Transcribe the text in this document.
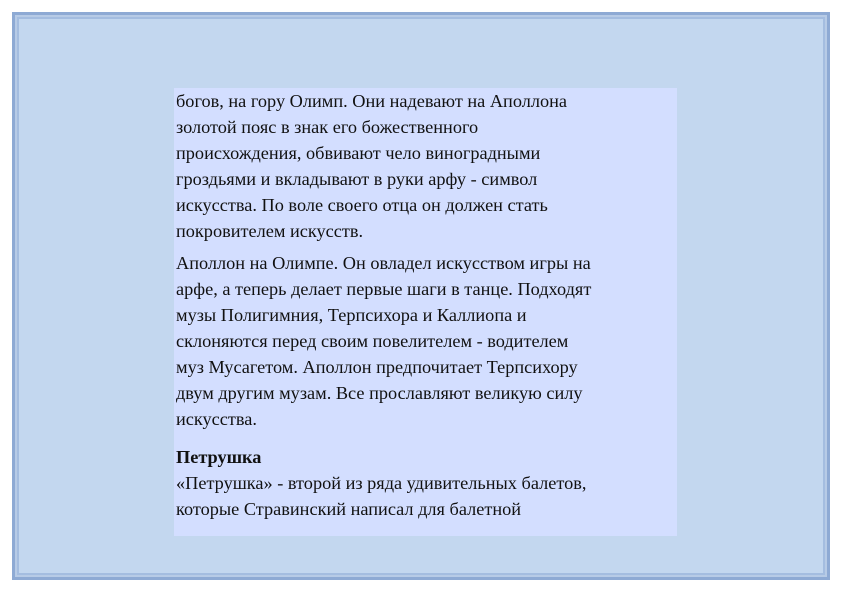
богов, на гору Олимп. Они надевают на Аполлона
золотой пояс в знак его божественного
происхождения, обвивают чело виноградными
гроздьями и вкладывают в руки арфу - символ
искусства. По воле своего отца он должен стать
покровителем искусств.

Аполлон на Олимпе. Он овладел искусством игры на
арфе, а теперь делает первые шаги в танце. Подходят
музы Полигимния, Терпсихора и Каллиопа и
склоняются перед своим повелителем - водителем
муз Мусагетом. Аполлон предпочитает Терпсихору
двум другим музам. Все прославляют великую силу
искусства.

Петрушка

«Петрушка» - второй из ряда удивительных балетов,
которые Стравинский написал для балетной
